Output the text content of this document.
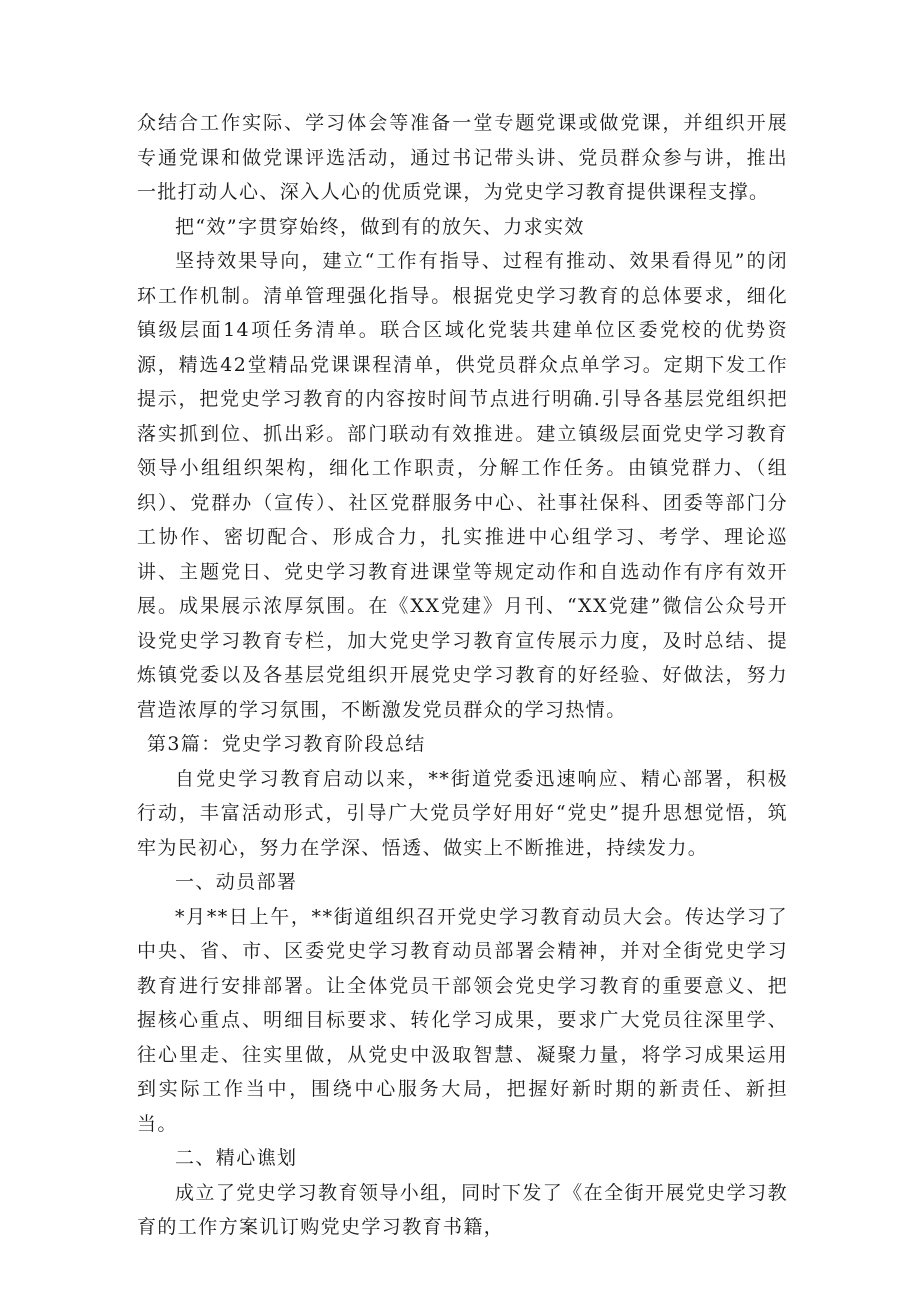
众结合工作实际、学习体会等准备一堂专题党课或做党课，并组织开展专通党课和做党课评选活动，通过书记带头讲、党员群众参与讲，推出一批打动人心、深入人心的优质党课，为党史学习教育提供课程支撑。

把“效”字贯穿始终，做到有的放矢、力求实效

坚持效果导向，建立“工作有指导、过程有推动、效果看得见”的闭环工作机制。清单管理强化指导。根据党史学习教育的总体要求，细化镇级层面14项任务清单。联合区域化党装共建单位区委党校的优势资源，精选42堂精品党课课程清单，供党员群众点单学习。定期下发工作提示，把党史学习教育的内容按时间节点进行明确.引导各基层党组织把落实抓到位、抓出彩。部门联动有效推进。建立镇级层面党史学习教育领导小组组织架构，细化工作职责，分解工作任务。由镇党群力、（组织）、党群办（宣传）、社区党群服务中心、社事社保科、团委等部门分工协作、密切配合、形成合力，扎实推进中心组学习、考学、理论巡讲、主题党日、党史学习教育进课堂等规定动作和自选动作有序有效开展。成果展示浓厚氛围。在《XX党建》月刊、“XX党建”微信公众号开设党史学习教育专栏，加大党史学习教育宣传展示力度，及时总结、提炼镇党委以及各基层党组织开展党史学习教育的好经验、好做法，努力营造浓厚的学习氛围，不断激发党员群众的学习热情。

第3篇：党史学习教育阶段总结

自党史学习教育启动以来，**街道党委迅速响应、精心部署，积极行动，丰富活动形式，引导广大党员学好用好“党史”提升思想觉悟，筑牢为民初心，努力在学深、悟透、做实上不断推进，持续发力。

一、动员部署

*月**日上午，**街道组织召开党史学习教育动员大会。传达学习了中央、省、市、区委党史学习教育动员部署会精神，并对全街党史学习教育进行安排部署。让全体党员干部领会党史学习教育的重要意义、把握核心重点、明细目标要求、转化学习成果，要求广大党员往深里学、往心里走、往实里做，从党史中汲取智慧、凝聚力量，将学习成果运用到实际工作当中，围绕中心服务大局，把握好新时期的新责任、新担当。

二、精心谯划

成立了党史学习教育领导小组，同时下发了《在全街开展党史学习教育的工作方案讥订购党史学习教育书籍，
